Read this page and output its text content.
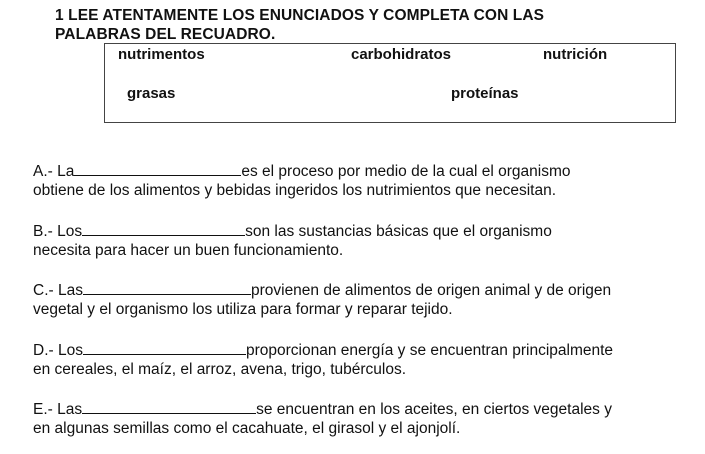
1 LEE ATENTAMENTE LOS ENUNCIADOS Y COMPLETA CON LAS
PALABRAS DEL RECUADRO.
nutrimentos	carbohidratos	nutrición
grasas	proteínas
A.- La	es el proceso por medio de la cual el organismo
obtiene de los alimentos y bebidas ingeridos los nutrimientos que necesitan.
B.- Los	son las sustancias básicas que el organismo
necesita para hacer un buen funcionamiento.
C.- Las	provienen de alimentos de origen animal y de origen
vegetal y el organismo los utiliza para formar y reparar tejido.
D.- Los	proporcionan energía y se encuentran principalmente
en cereales, el maíz, el arroz, avena, trigo, tubérculos.
E.- Las	se encuentran en los aceites, en ciertos vegetales y
en algunas semillas como el cacahuate, el girasol y el ajonjolí.
